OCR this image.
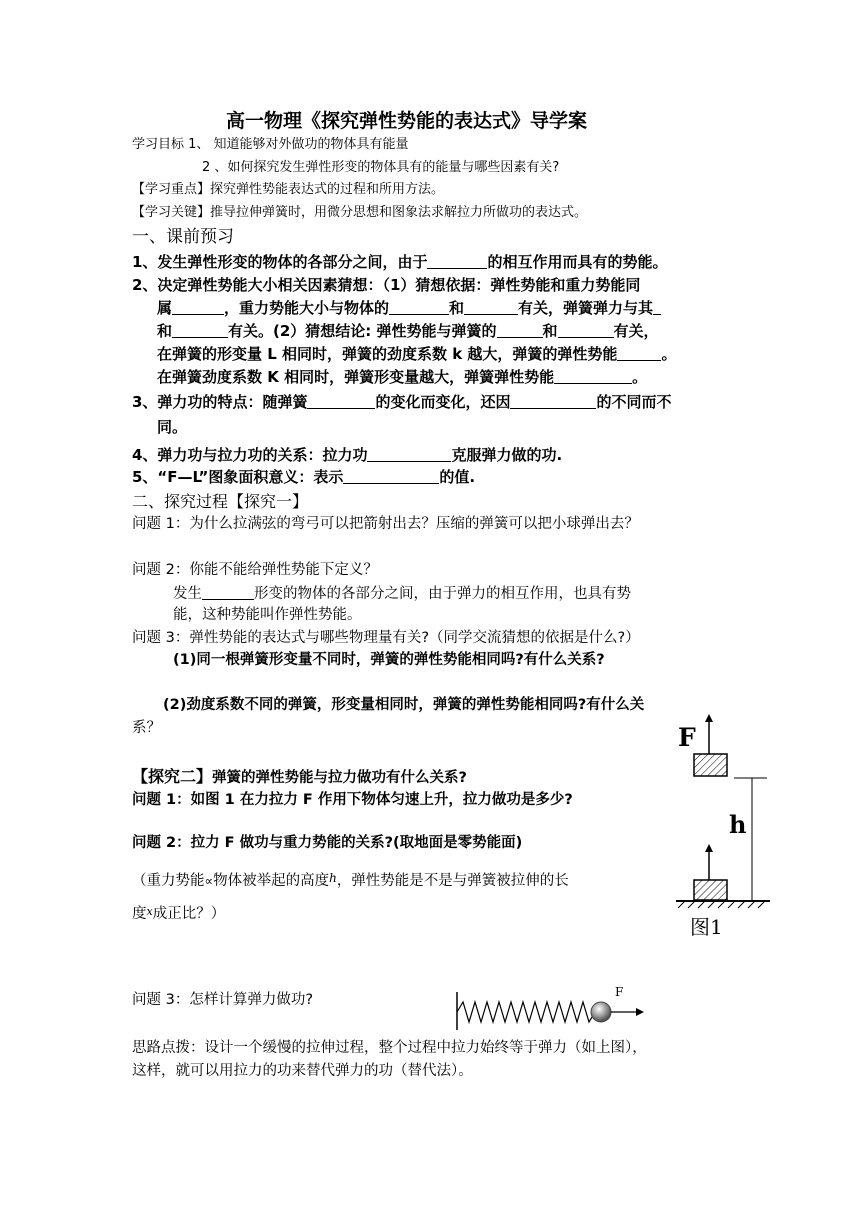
高一物理《探究弹性势能的表达式》导学案
学习目标 1、 知道能够对外做功的物体具有能量
2 、如何探究发生弹性形变的物体具有的能量与哪些因素有关?
【学习重点】探究弹性势能表达式的过程和所用方法。
【学习关键】推导拉伸弹簧时，用微分思想和图象法求解拉力所做功的表达式。
一、课前预习
1、发生弹性形变的物体的各部分之间，由于	的相互作用而具有的势能。
2、决定弹性势能大小相关因素猜想：（1）猜想依据：弹性势能和重力势能同
属	，重力势能大小与物体的	和	有关，弹簧弹力与其
和	有关。(2）猜想结论: 弹性势能与弹簧的	和	有关，
在弹簧的形变量 L 相同时，弹簧的劲度系数 k 越大，弹簧的弹性势能	。
在弹簧劲度系数 K 相同时，弹簧形变量越大，弹簧弹性势能	。
3、弹力功的特点：随弹簧	的变化而变化，还因	的不同而不
同。
4、弹力功与拉力功的关系：拉力功	克服弹力做的功.
5、“F—L”图象面积意义：表示	的值.
二、探究过程【探究一】
问题 1：为什么拉满弦的弯弓可以把箭射出去？压缩的弹簧可以把小球弹出去？
问题 2：你能不能给弹性势能下定义？
发生	形变的物体的各部分之间，由于弹力的相互作用，也具有势
能，这种势能叫作弹性势能。
问题 3：弹性势能的表达式与哪些物理量有关?（同学交流猜想的依据是什么?）
(1)同一根弹簧形变量不同时，弹簧的弹性势能相同吗?有什么关系?
(2)劲度系数不同的弹簧，形变量相同时，弹簧的弹性势能相同吗?有什么关
系？
【探究二】弹簧的弹性势能与拉力做功有什么关系?
问题 1：如图 1 在力拉力 F 作用下物体匀速上升，拉力做功是多少?
问题 2：拉力 F 做功与重力势能的关系?(取地面是零势能面)
（重力势能∝物体被举起的高度$^h$，弹性势能是不是与弹簧被拉伸的长
度$^x$成正比？）
问题 3：怎样计算弹力做功?
思路点拨：设计一个缓慢的拉伸过程，整个过程中拉力始终等于弹力（如上图），
这样，就可以用拉力的功来替代弹力的功（替代法）。
F
h
图1
F
